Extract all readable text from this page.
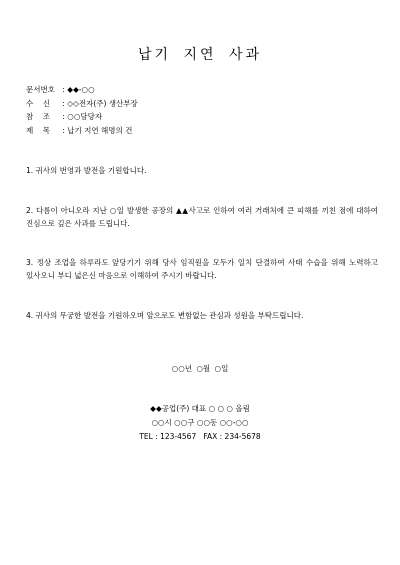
납기 지연 사과
문서번호 : ◆◆-○○
수    신	: ◇◇전자(주) 생산부장
참    조	: ○○담당자
제    목	: 납기 지연 해명의 건
1. 귀사의 번영과 발전을 기원합니다.
2. 다름이 아니오라 지난 ○일 발생한 공장의 ▲▲사고로 인하여 여러 거래처에 큰 피해를 끼친 점에 대하여 진심으로 깊은 사과를 드립니다.
3. 정상 조업을 하루라도 앞당기기 위해 당사 임직원을 모두가 일치 단결하여 사태 수습을 위해 노력하고 있사오니 부디 넓은신 마음으로 이해하여 주시기 바랍니다.
4. 귀사의 무궁한 발전을 기원하오며 앞으로도 변함없는 관심과 성원을 부탁드립니다.
○○년 ○월 ○일
◆◆공업(주) 대표 ○ ○ ○ 올림
○○시 ○○구 ○○동 ○○-○○
TEL : 123-4567   FAX : 234-5678
